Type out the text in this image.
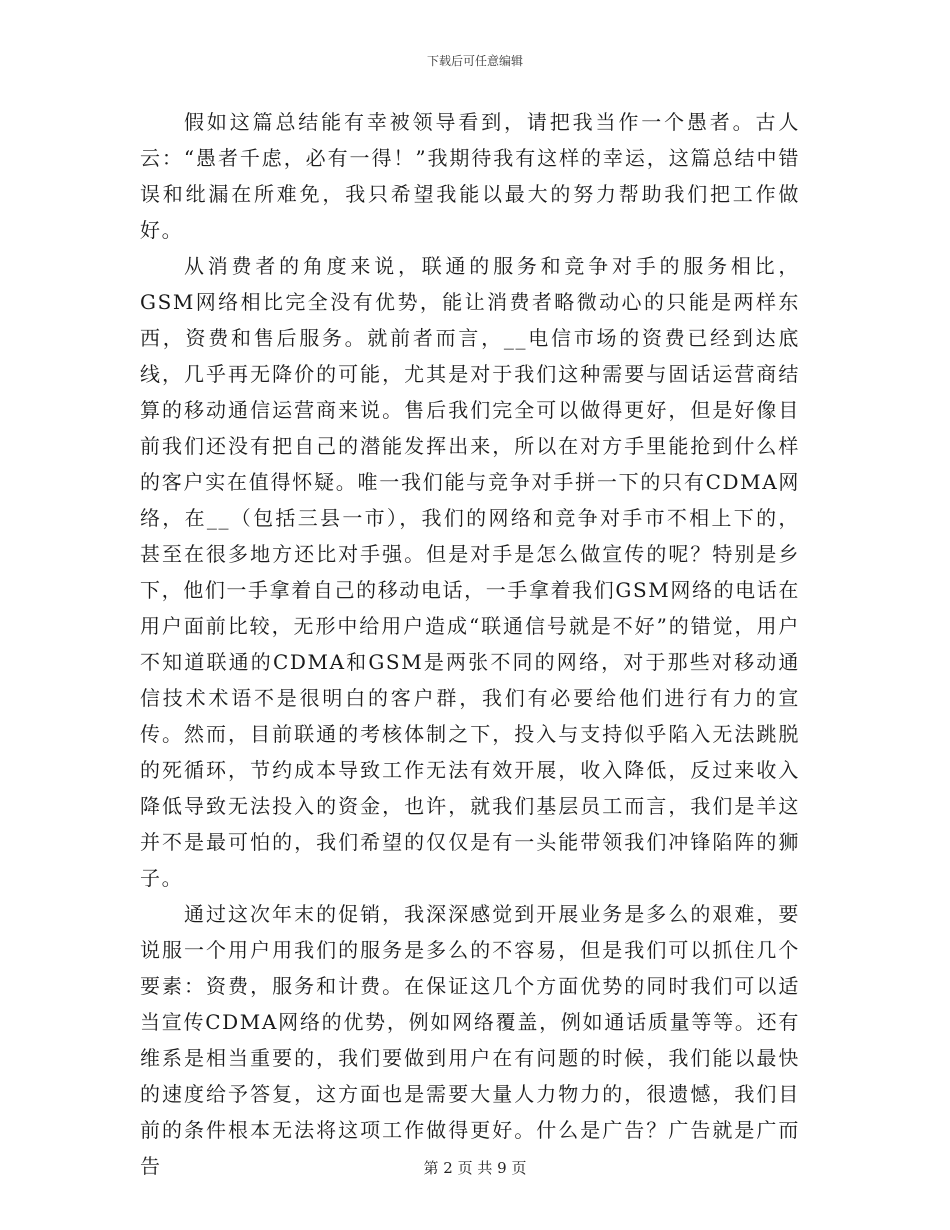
下载后可任意编辑

假如这篇总结能有幸被领导看到，请把我当作一个愚者。古人云：“愚者千虑，必有一得！”我期待我有这样的幸运，这篇总结中错误和纰漏在所难免，我只希望我能以最大的努力帮助我们把工作做好。

从消费者的角度来说，联通的服务和竞争对手的服务相比，GSM网络相比完全没有优势，能让消费者略微动心的只能是两样东西，资费和售后服务。就前者而言，__电信市场的资费已经到达底线，几乎再无降价的可能，尤其是对于我们这种需要与固话运营商结算的移动通信运营商来说。售后我们完全可以做得更好，但是好像目前我们还没有把自己的潜能发挥出来，所以在对方手里能抢到什么样的客户实在值得怀疑。唯一我们能与竞争对手拼一下的只有CDMA网络，在__（包括三县一市），我们的网络和竞争对手市不相上下的，甚至在很多地方还比对手强。但是对手是怎么做宣传的呢？特别是乡下，他们一手拿着自己的移动电话，一手拿着我们GSM网络的电话在用户面前比较，无形中给用户造成“联通信号就是不好”的错觉，用户不知道联通的CDMA和GSM是两张不同的网络，对于那些对移动通信技术术语不是很明白的客户群，我们有必要给他们进行有力的宣传。然而，目前联通的考核体制之下，投入与支持似乎陷入无法跳脱的死循环，节约成本导致工作无法有效开展，收入降低，反过来收入降低导致无法投入的资金，也许，就我们基层员工而言，我们是羊这并不是最可怕的，我们希望的仅仅是有一头能带领我们冲锋陷阵的狮子。

通过这次年末的促销，我深深感觉到开展业务是多么的艰难，要说服一个用户用我们的服务是多么的不容易，但是我们可以抓住几个要素：资费，服务和计费。在保证这几个方面优势的同时我们可以适当宣传CDMA网络的优势，例如网络覆盖，例如通话质量等等。还有维系是相当重要的，我们要做到用户在有问题的时候，我们能以最快的速度给予答复，这方面也是需要大量人力物力的，很遗憾，我们目前的条件根本无法将这项工作做得更好。什么是广告？广告就是广而告	第 2 页 共 9 页
